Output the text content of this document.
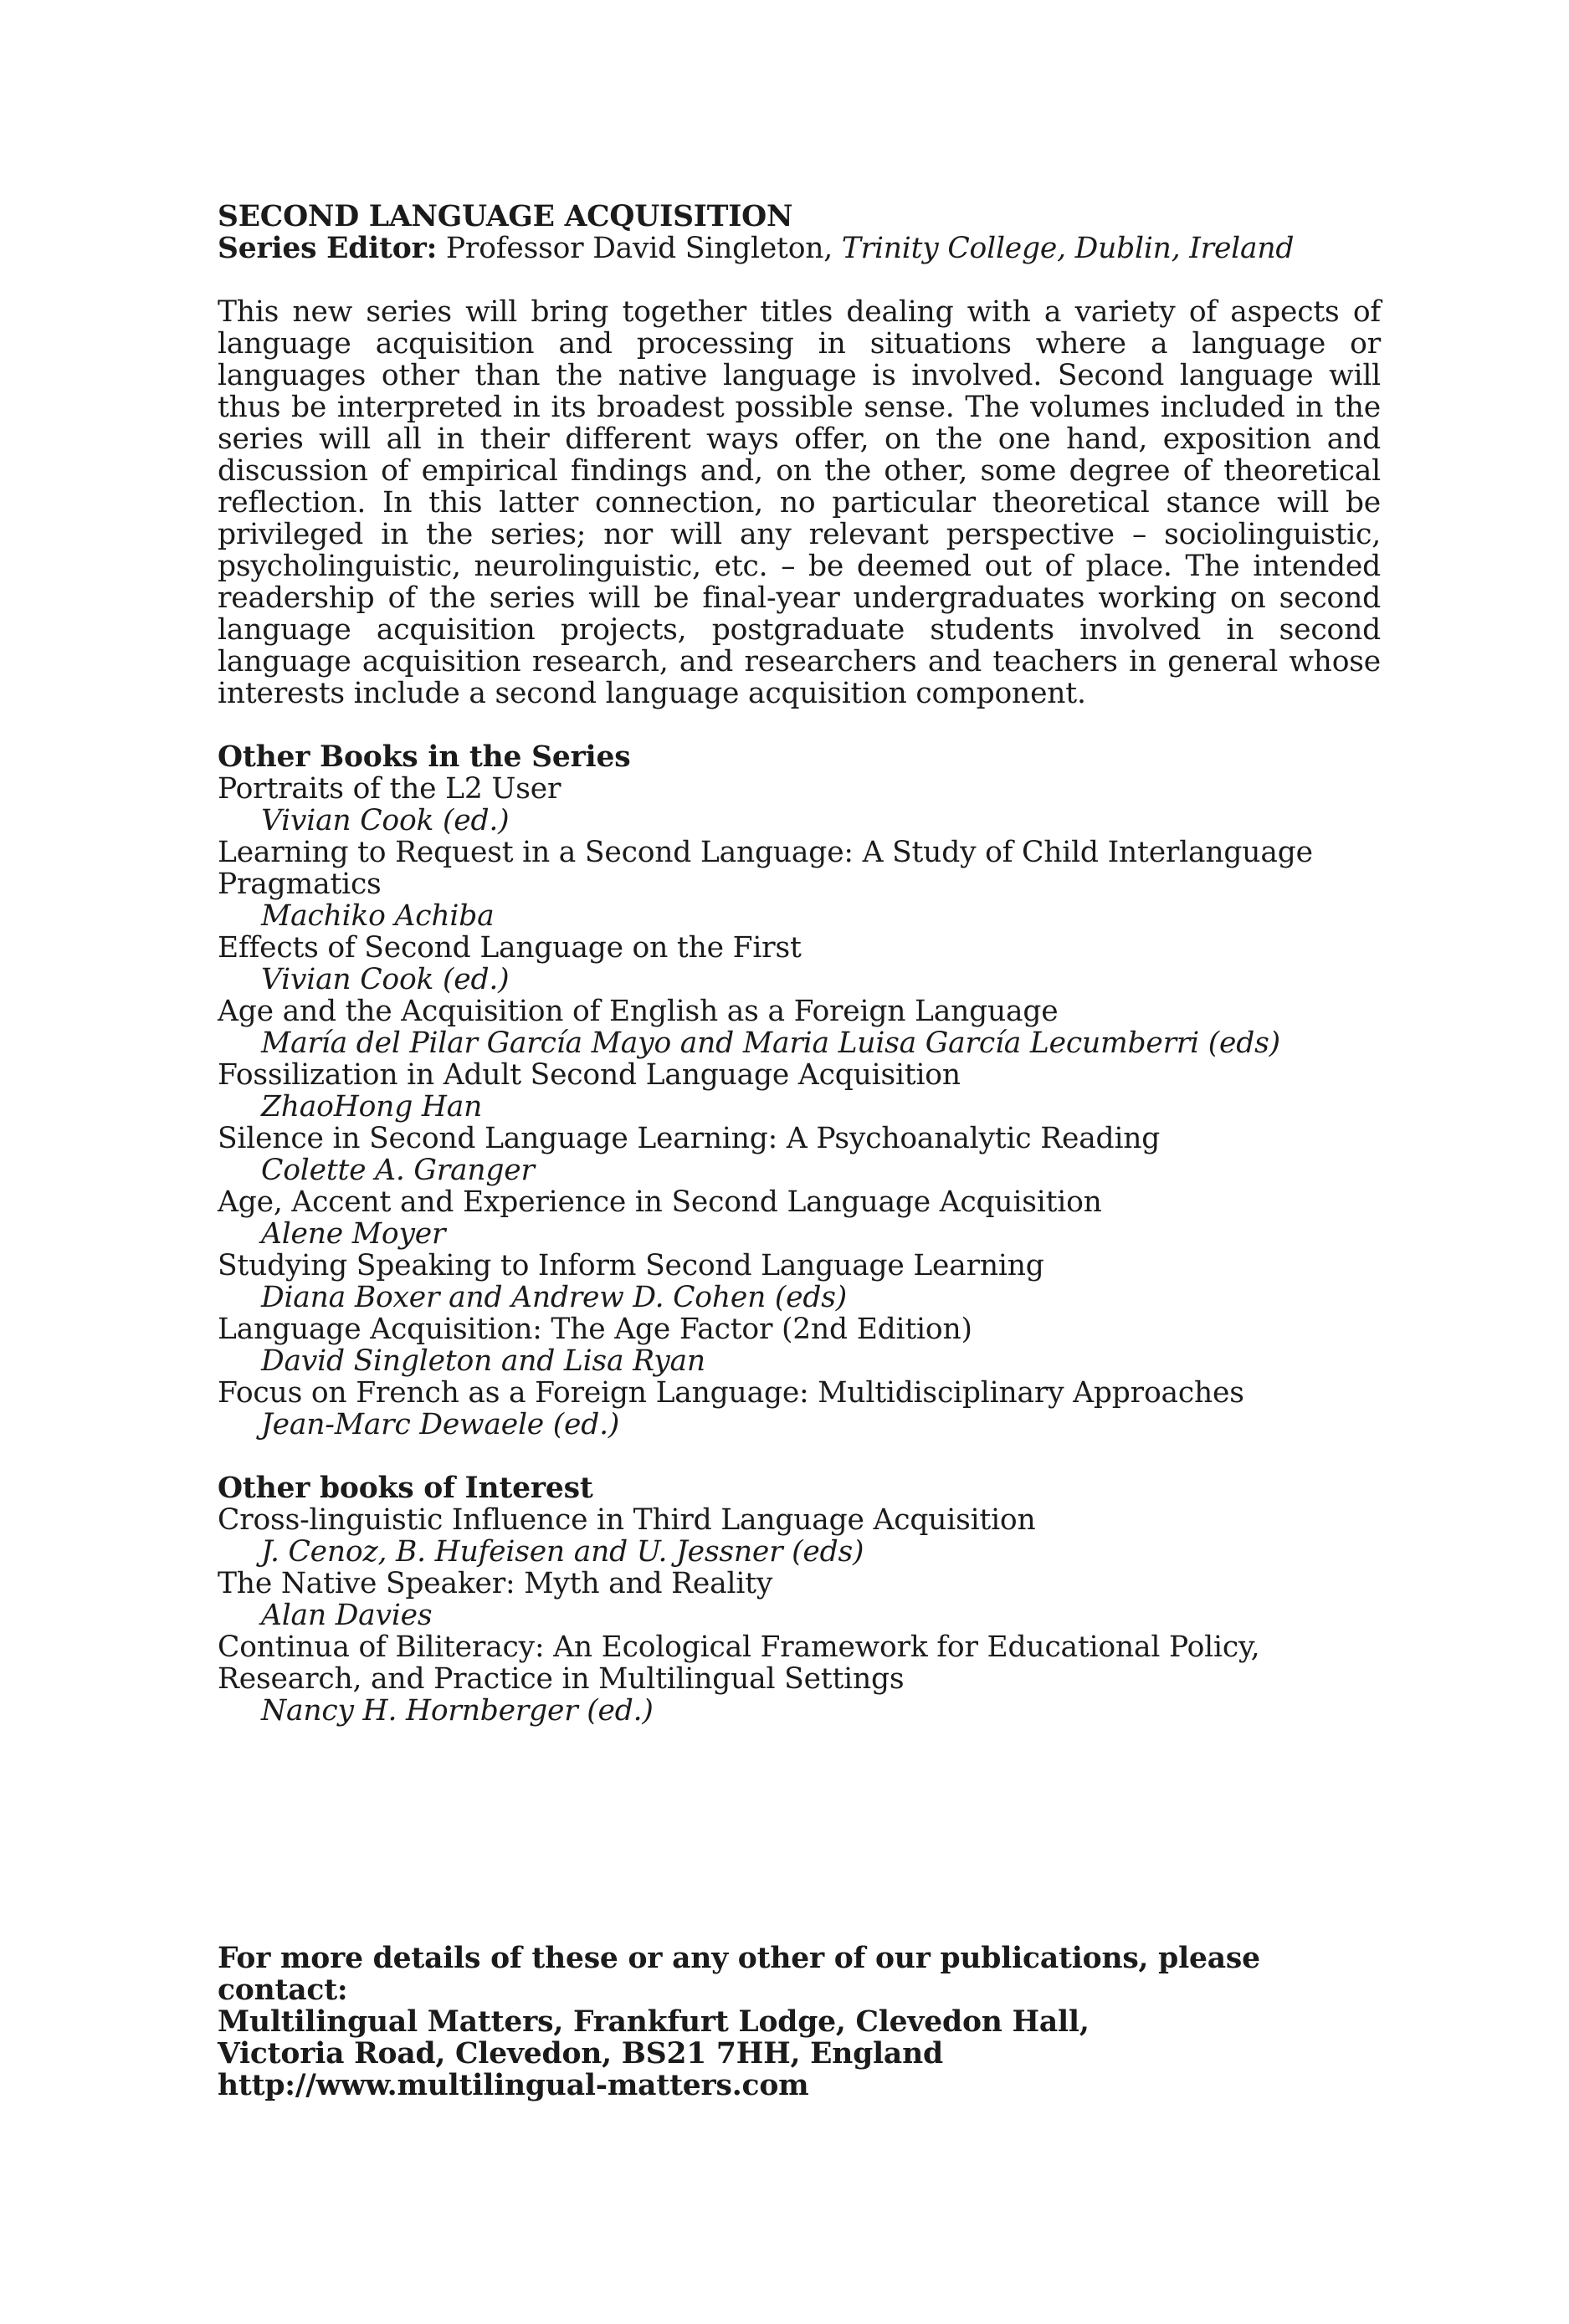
SECOND LANGUAGE ACQUISITION

Series Editor: Professor David Singleton, Trinity College, Dublin, Ireland

This new series will bring together titles dealing with a variety of aspects of language acquisition and processing in situations where a language or languages other than the native language is involved. Second language will thus be interpreted in its broadest possible sense. The volumes included in the series will all in their different ways offer, on the one hand, exposition and discussion of empirical findings and, on the other, some degree of theoretical reflection. In this latter connection, no particular theoretical stance will be privileged in the series; nor will any relevant perspective – sociolinguistic, psycholinguistic, neurolinguistic, etc. – be deemed out of place. The intended readership of the series will be final-year undergraduates working on second language acquisition projects, postgraduate students involved in second language acquisition research, and researchers and teachers in general whose interests include a second language acquisition component.

Other Books in the Series

Portraits of the L2 User
Vivian Cook (ed.)
Learning to Request in a Second Language: A Study of Child Interlanguage Pragmatics
Machiko Achiba
Effects of Second Language on the First
Vivian Cook (ed.)
Age and the Acquisition of English as a Foreign Language
María del Pilar García Mayo and Maria Luisa García Lecumberri (eds)
Fossilization in Adult Second Language Acquisition
ZhaoHong Han
Silence in Second Language Learning: A Psychoanalytic Reading
Colette A. Granger
Age, Accent and Experience in Second Language Acquisition
Alene Moyer
Studying Speaking to Inform Second Language Learning
Diana Boxer and Andrew D. Cohen (eds)
Language Acquisition: The Age Factor (2nd Edition)
David Singleton and Lisa Ryan
Focus on French as a Foreign Language: Multidisciplinary Approaches
Jean-Marc Dewaele (ed.)

Other books of Interest

Cross-linguistic Influence in Third Language Acquisition
J. Cenoz, B. Hufeisen and U. Jessner (eds)
The Native Speaker: Myth and Reality
Alan Davies
Continua of Biliteracy: An Ecological Framework for Educational Policy, Research, and Practice in Multilingual Settings
Nancy H. Hornberger (ed.)

For more details of these or any other of our publications, please contact:

Multilingual Matters, Frankfurt Lodge, Clevedon Hall,

Victoria Road, Clevedon, BS21 7HH, England

http://www.multilingual-matters.com
